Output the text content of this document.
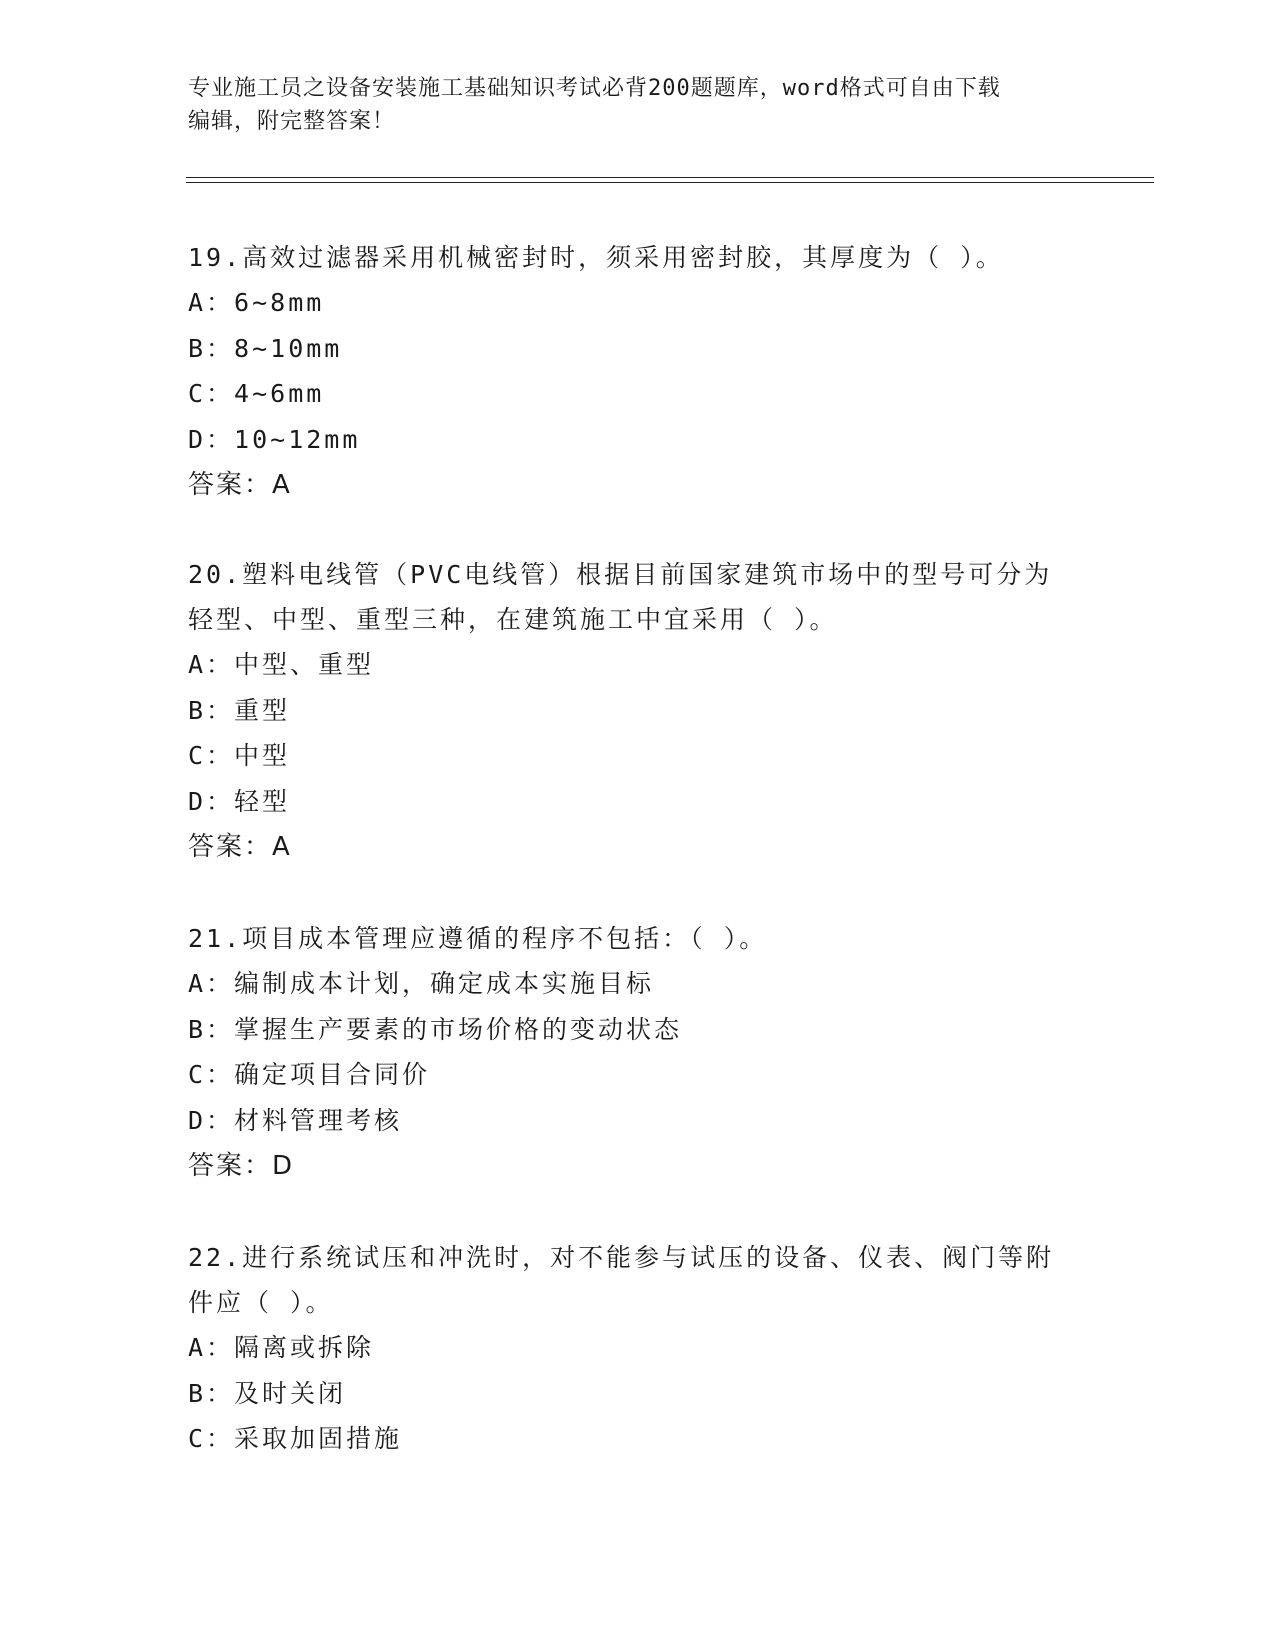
专业施工员之设备安装施工基础知识考试必背200题题库，word格式可自由下载
编辑，附完整答案！

19.高效过滤器采用机械密封时，须采用密封胶，其厚度为（ ）。

A：6~8mm

B：8~10mm

C：4~6mm

D：10~12mm

答案：A

20.塑料电线管（PVC电线管）根据目前国家建筑市场中的型号可分为

轻型、中型、重型三种，在建筑施工中宜采用（ ）。

A：中型、重型

B：重型

C：中型

D：轻型

答案：A

21.项目成本管理应遵循的程序不包括：（ ）。

A：编制成本计划，确定成本实施目标

B：掌握生产要素的市场价格的变动状态

C：确定项目合同价

D：材料管理考核

答案：D

22.进行系统试压和冲洗时，对不能参与试压的设备、仪表、阀门等附

件应（ ）。

A：隔离或拆除

B：及时关闭

C：采取加固措施
